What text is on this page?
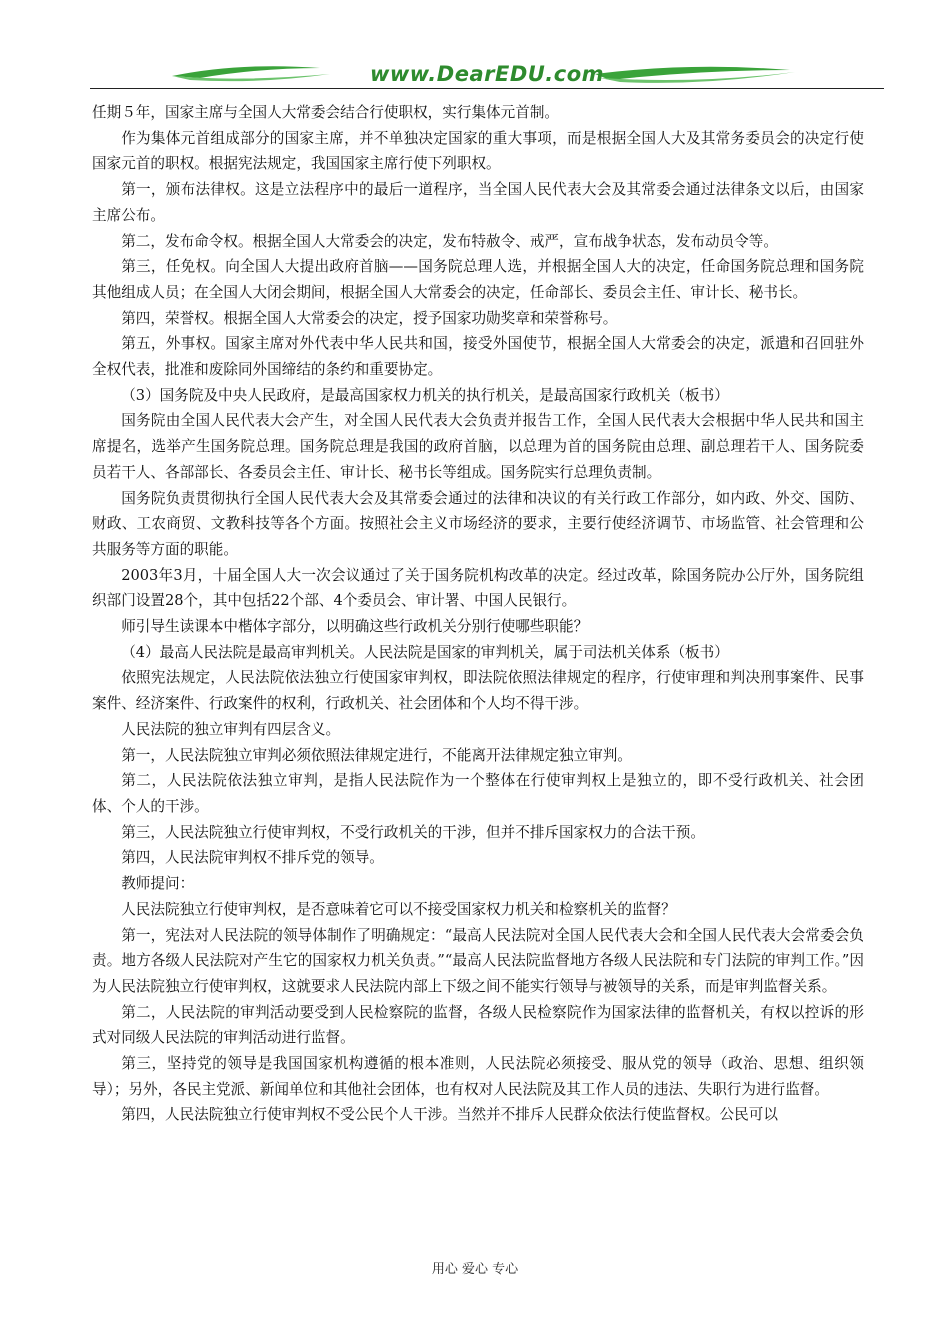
www.DearEDU.com

任期５年，国家主席与全国人大常委会结合行使职权，实行集体元首制。

作为集体元首组成部分的国家主席，并不单独决定国家的重大事项，而是根据全国人大及其常务委员会的决定行使国家元首的职权。根据宪法规定，我国国家主席行使下列职权。

第一，颁布法律权。这是立法程序中的最后一道程序，当全国人民代表大会及其常委会通过法律条文以后，由国家主席公布。

第二，发布命令权。根据全国人大常委会的决定，发布特赦令、戒严，宣布战争状态，发布动员令等。

第三，任免权。向全国人大提出政府首脑——国务院总理人选，并根据全国人大的决定，任命国务院总理和国务院其他组成人员；在全国人大闭会期间，根据全国人大常委会的决定，任命部长、委员会主任、审计长、秘书长。

第四，荣誉权。根据全国人大常委会的决定，授予国家功勋奖章和荣誉称号。

第五，外事权。国家主席对外代表中华人民共和国，接受外国使节，根据全国人大常委会的决定，派遣和召回驻外全权代表，批准和废除同外国缔结的条约和重要协定。

（3）国务院及中央人民政府，是最高国家权力机关的执行机关，是最高国家行政机关（板书）

国务院由全国人民代表大会产生，对全国人民代表大会负责并报告工作，全国人民代表大会根据中华人民共和国主席提名，选举产生国务院总理。国务院总理是我国的政府首脑，以总理为首的国务院由总理、副总理若干人、国务院委员若干人、各部部长、各委员会主任、审计长、秘书长等组成。国务院实行总理负责制。

国务院负责贯彻执行全国人民代表大会及其常委会通过的法律和决议的有关行政工作部分，如内政、外交、国防、财政、工农商贸、文教科技等各个方面。按照社会主义市场经济的要求，主要行使经济调节、市场监管、社会管理和公共服务等方面的职能。

2003年3月，十届全国人大一次会议通过了关于国务院机构改革的决定。经过改革，除国务院办公厅外，国务院组织部门设置28个，其中包括22个部、4个委员会、审计署、中国人民银行。

师引导生读课本中楷体字部分，以明确这些行政机关分别行使哪些职能？

（4）最高人民法院是最高审判机关。人民法院是国家的审判机关，属于司法机关体系（板书）

依照宪法规定，人民法院依法独立行使国家审判权，即法院依照法律规定的程序，行使审理和判决刑事案件、民事案件、经济案件、行政案件的权利，行政机关、社会团体和个人均不得干涉。

人民法院的独立审判有四层含义。

第一，人民法院独立审判必须依照法律规定进行，不能离开法律规定独立审判。

第二，人民法院依法独立审判，是指人民法院作为一个整体在行使审判权上是独立的，即不受行政机关、社会团体、个人的干涉。

第三，人民法院独立行使审判权，不受行政机关的干涉，但并不排斥国家权力的合法干预。

第四，人民法院审判权不排斥党的领导。

教师提问：

人民法院独立行使审判权，是否意味着它可以不接受国家权力机关和检察机关的监督？

第一，宪法对人民法院的领导体制作了明确规定：“最高人民法院对全国人民代表大会和全国人民代表大会常委会负责。地方各级人民法院对产生它的国家权力机关负责。”“最高人民法院监督地方各级人民法院和专门法院的审判工作。”因为人民法院独立行使审判权，这就要求人民法院内部上下级之间不能实行领导与被领导的关系，而是审判监督关系。

第二，人民法院的审判活动要受到人民检察院的监督，各级人民检察院作为国家法律的监督机关，有权以控诉的形式对同级人民法院的审判活动进行监督。

第三，坚持党的领导是我国国家机构遵循的根本准则，人民法院必须接受、服从党的领导（政治、思想、组织领导）；另外，各民主党派、新闻单位和其他社会团体，也有权对人民法院及其工作人员的违法、失职行为进行监督。

第四，人民法院独立行使审判权不受公民个人干涉。当然并不排斥人民群众依法行使监督权。公民可以

用心 爱心 专心
